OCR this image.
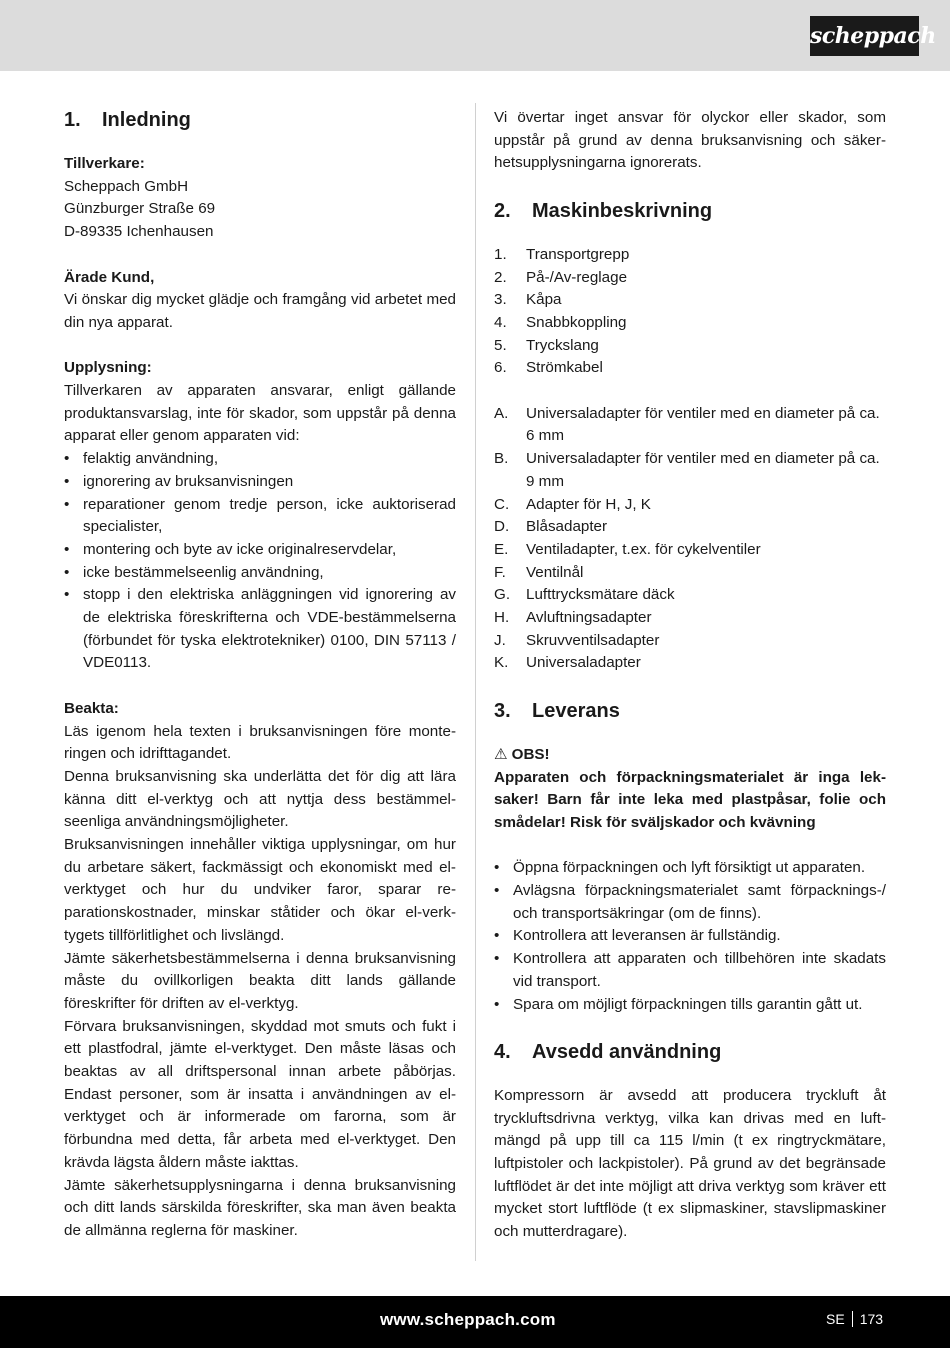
scheppach
1.	Inledning
Tillverkare:
Scheppach GmbH
Günzburger Straße 69
D-89335 Ichenhausen
Ärade Kund,

Vi önskar dig mycket glädje och framgång vid arbetet med din nya apparat.

Upplysning:

Tillverkaren av apparaten ansvarar, enligt gällande produktansvarslag, inte för skador, som uppstår på denna apparat eller genom apparaten vid:

• felaktig användning,
• ignorering av bruksanvisningen
• reparationer genom tredje person, icke auktoriserad specialister,
• montering och byte av icke originalreservdelar,
• icke bestämmelseenlig användning,
• stopp i den elektriska anläggningen vid ignorering av de elektriska föreskrifterna och VDE-bestämmelserna (förbundet för tyska elektrotekniker) 0100, DIN 57113 / VDE0113.
Beakta:

Läs igenom hela texten i bruksanvisningen före monteringen och idrifttagandet.

Denna bruksanvisning ska underlätta det för dig att lära känna ditt el-verktyg och att nyttja dess bestämmelseenliga användningsmöjligheter.

Bruksanvisningen innehåller viktiga upplysningar, om hur du arbetare säkert, fackmässigt och ekonomiskt med el-verktyget och hur du undviker faror, sparar reparationskostnader, minskar ståtider och ökar el-verktygets tillförlitlighet och livslängd.

Jämte säkerhetsbestämmelserna i denna bruksanvisning måste du ovillkorligen beakta ditt lands gällande föreskrifter för driften av el-verktyg.

Förvara bruksanvisningen, skyddad mot smuts och fukt i ett plastfodral, jämte el-verktyget. Den måste läsas och beaktas av all driftspersonal innan arbete påbörjas. Endast personer, som är insatta i användningen av el-verktyget och är informerade om farorna, som är förbundna med detta, får arbeta med el-verktyget. Den krävda lägsta åldern måste iakttas.

Jämte säkerhetsupplysningarna i denna bruksanvisning och ditt lands särskilda föreskrifter, ska man även beakta de allmänna reglerna för maskiner.

Vi övertar inget ansvar för olyckor eller skador, som uppstår på grund av denna bruksanvisning och säkerhetsupplysningarna ignorerats.

2.	Maskinbeskrivning
1.	Transportgrepp
2.	På-/Av-reglage
3.	Kåpa
4.	Snabbkoppling
5.	Tryckslang
6.	Strömkabel
A.	Universaladapter för ventiler med en diameter på ca. 6 mm
B.	Universaladapter för ventiler med en diameter på ca. 9 mm
C.	Adapter för H, J, K
D.	Blåsadapter
E.	Ventiladapter, t.ex. för cykelventiler
F.	Ventilnål
G.	Lufttrycksmätare däck
H.	Avluftningsadapter
J.	Skruvventilsadapter
K.	Universaladapter
3.	Leverans
⚠ OBS!

Apparaten och förpackningsmaterialet är inga leksaker! Barn får inte leka med plastpåsar, folie och smådelar! Risk för sväljskador och kvävning

• Öppna förpackningen och lyft försiktigt ut apparaten.
• Avlägsna förpackningsmaterialet samt förpacknings-/ och transportsäkringar (om de finns).
• Kontrollera att leveransen är fullständig.
• Kontrollera att apparaten och tillbehören inte skadats vid transport.
• Spara om möjligt förpackningen tills garantin gått ut.
4.	Avsedd användning

Kompressorn är avsedd att producera tryckluft åt tryckluftsdrivna verktyg, vilka kan drivas med en luftmängd på upp till ca 115 l/min (t ex ringtryckmätare, luftpistoler och lackpistoler). På grund av det begränsade luftflödet är det inte möjligt att driva verktyg som kräver ett mycket stort luftflöde (t ex slipmaskiner, stavslipmaskiner och mutterdragare).

www.scheppach.com	SE 173
